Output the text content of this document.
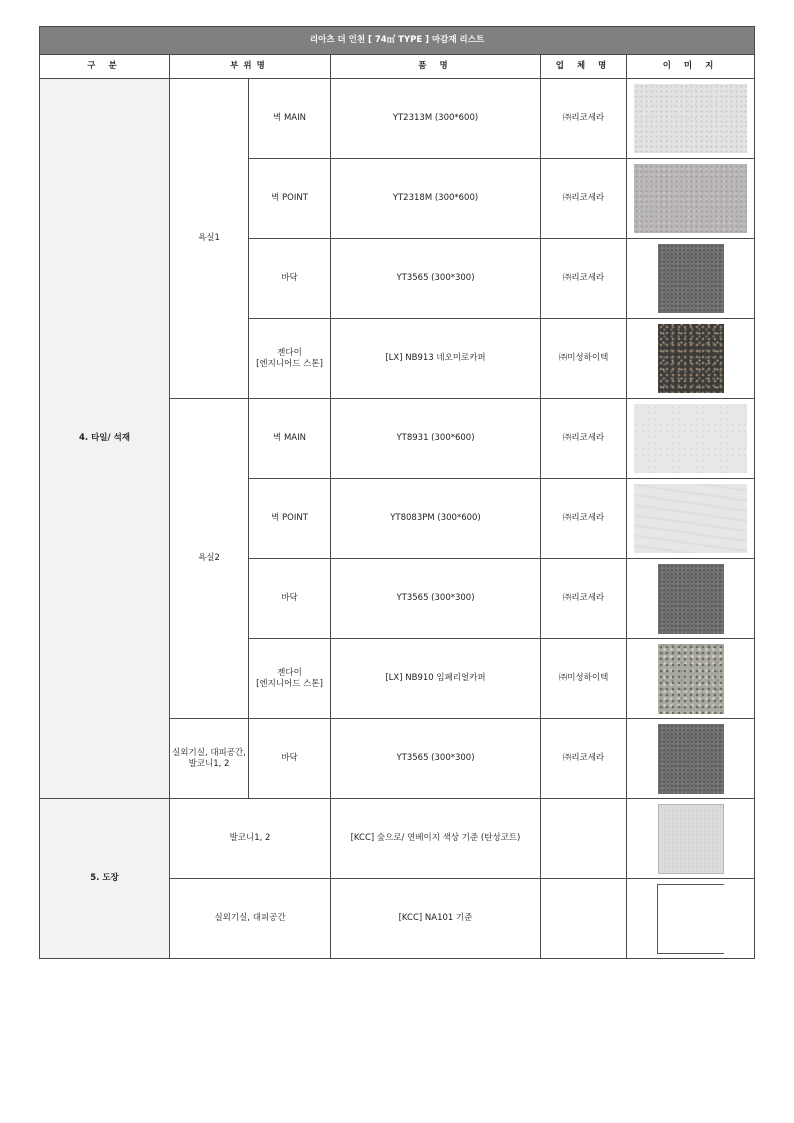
리아츠 더 인천 [ 74㎡ TYPE ] 마감재 리스트					
구 분	부위명		품 명	업 체 명	이 미 지
4. 타일/ 석재	욕실1	벽 MAIN	YT2313M (300*600)	㈜리코세라	

		벽 POINT	YT2318M (300*600)	㈜리코세라	

		바닥	YT3565 (300*300)	㈜리코세라	

		젠다이
[엔지니어드 스톤]	[LX] NB913 네오미로카퍼	㈜미성하이텍	

	욕실2	벽 MAIN	YT8931 (300*600)	㈜리코세라	

		벽 POINT	YT8083PM (300*600)	㈜리코세라	

		바닥	YT3565 (300*300)	㈜리코세라	

		젠다이
[엔지니어드 스톤]	[LX] NB910 임페리얼카퍼	㈜미성하이텍	

	실외기실, 대피공간,
발코니1, 2	바닥	YT3565 (300*300)	㈜리코세라	

5. 도장	발코니1, 2		[KCC] 숲으로/ 연베이지 색상 기준 (탄성코트)		

	실외기실, 대피공간		[KCC] NA101 기준		
